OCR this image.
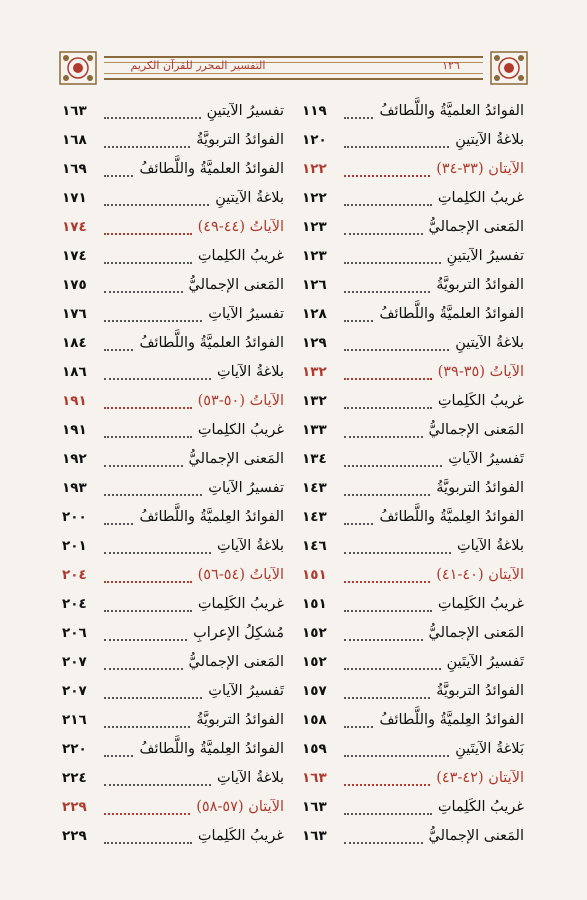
التفسير المحرر للقرآن الكريم	١٢٦
الفوائدُ العلميَّةُ واللَّطائفُ
١١٩
بلاغةُ الآيتينِ
١٢٠
الآيتان (٣٣-٣٤)
١٢٢
غريبُ الكلِماتِ
١٢٢
المَعنى الإجماليُّ
١٢٣
تفسيرُ الآيتينِ
١٢٣
الفوائدُ التربويَّةُ
١٢٦
الفوائدُ العلميَّةُ واللَّطائفُ
١٢٨
بلاغةُ الآيتينِ
١٢٩
الآياتُ (٣٥-٣٩)
١٣٢
غريبُ الكَلِماتِ
١٣٢
المَعنى الإجماليُّ
١٣٣
تَفسيرُ الآياتِ
١٣٤
الفوائدُ التربويَّةُ
١٤٣
الفوائدُ العِلميَّةُ واللَّطائفُ
١٤٣
بلاغةُ الآياتِ
١٤٦
الآيتان (٤٠-٤١)
١٥١
غريبُ الكَلِماتِ
١٥١
المَعنى الإجماليُّ
١٥٢
تَفسيرُ الآيتَينِ
١٥٢
الفوائدُ التربويَّةُ
١٥٧
الفوائدُ العِلميَّةُ واللَّطائفُ
١٥٨
بَلاغةُ الآيتَينِ
١٥٩
الآيتان (٤٢-٤٣)
١٦٣
غريبُ الكَلِماتِ
١٦٣
المَعنى الإجماليُّ
١٦٣
تفسيرُ الآيتينِ
١٦٣
الفوائدُ التربويَّةُ
١٦٨
الفوائدُ العلميَّةُ واللَّطائفُ
١٦٩
بلاغةُ الآيتينِ
١٧١
الآياتُ (٤٤-٤٩)
١٧٤
غريبُ الكلِماتِ
١٧٤
المَعنى الإجماليُّ
١٧٥
تفسيرُ الآياتِ
١٧٦
الفوائدُ العلميَّةُ واللَّطائفُ
١٨٤
بلاغةُ الآياتِ
١٨٦
الآياتُ (٥٠-٥٣)
١٩١
غريبُ الكلِماتِ
١٩١
المَعنى الإجماليُّ
١٩٢
تفسيرُ الآياتِ
١٩٣
الفوائدُ العِلميَّةُ واللَّطائفُ
٢٠٠
بلاغةُ الآياتِ
٢٠١
الآياتُ (٥٤-٥٦)
٢٠٤
غريبُ الكَلِماتِ
٢٠٤
مُشكِلُ الإعرابِ
٢٠٦
المَعنى الإجماليُّ
٢٠٧
تَفسيرُ الآياتِ
٢٠٧
الفوائدُ التربويَّةُ
٢١٦
الفوائدُ العِلميَّةُ واللَّطائفُ
٢٢٠
بلاغةُ الآياتِ
٢٢٤
الآيتان (٥٧-٥٨)
٢٢٩
غريبُ الكَلِماتِ
٢٢٩
